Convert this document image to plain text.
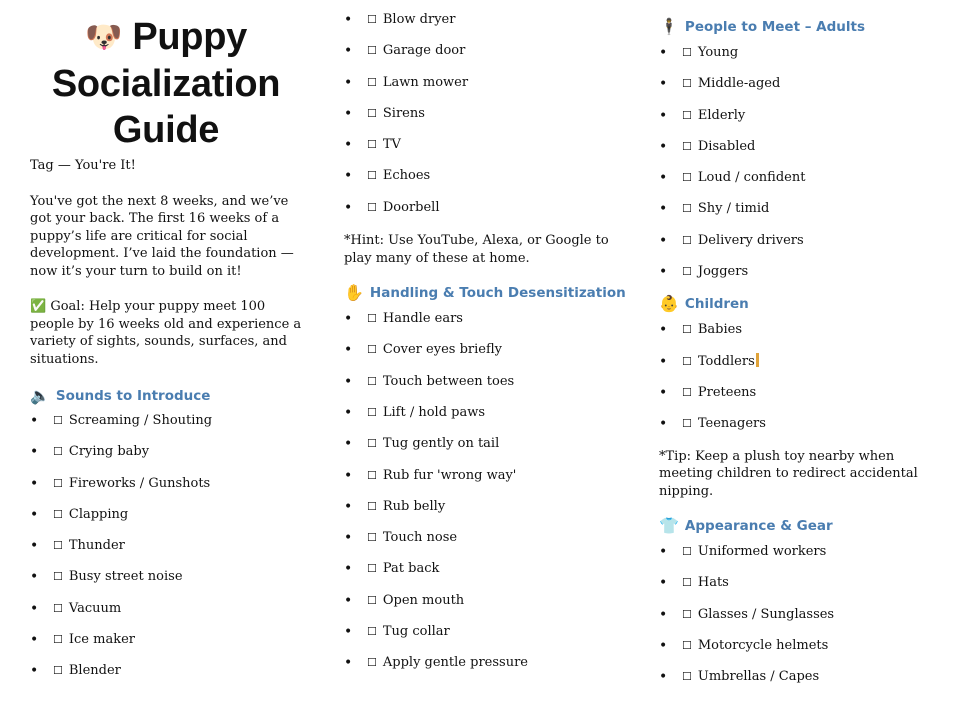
🐶 Puppy
Socialization
Guide

Tag — You're It!

You've got the next 8 weeks, and we’ve got your back. The first 16 weeks of a puppy’s life are critical for social development. I’ve laid the foundation — now it’s your turn to build on it!

✅ Goal: Help your puppy meet 100 people by 16 weeks old and experience a variety of sights, sounds, surfaces, and situations.

🔈 Sounds to Introduce
• ☐ Screaming / Shouting
• ☐ Crying baby
• ☐ Fireworks / Gunshots
• ☐ Clapping
• ☐ Thunder
• ☐ Busy street noise
• ☐ Vacuum
• ☐ Ice maker
• ☐ Blender
• ☐ Blow dryer
• ☐ Garage door
• ☐ Lawn mower
• ☐ Sirens
• ☐ TV
• ☐ Echoes
• ☐ Doorbell

*Hint: Use YouTube, Alexa, or Google to play many of these at home.

✋ Handling & Touch Desensitization
• ☐ Handle ears
• ☐ Cover eyes briefly
• ☐ Touch between toes
• ☐ Lift / hold paws
• ☐ Tug gently on tail
• ☐ Rub fur 'wrong way'
• ☐ Rub belly
• ☐ Touch nose
• ☐ Pat back
• ☐ Open mouth
• ☐ Tug collar
• ☐ Apply gentle pressure
🕴 People to Meet – Adults
• ☐ Young
• ☐ Middle-aged
• ☐ Elderly
• ☐ Disabled
• ☐ Loud / confident
• ☐ Shy / timid
• ☐ Delivery drivers
• ☐ Joggers
👶 Children
• ☐ Babies
• ☐ Toddlers
• ☐ Preteens
• ☐ Teenagers

*Tip: Keep a plush toy nearby when meeting children to redirect accidental nipping.

👕 Appearance & Gear
• ☐ Uniformed workers
• ☐ Hats
• ☐ Glasses / Sunglasses
• ☐ Motorcycle helmets
• ☐ Umbrellas / Capes
